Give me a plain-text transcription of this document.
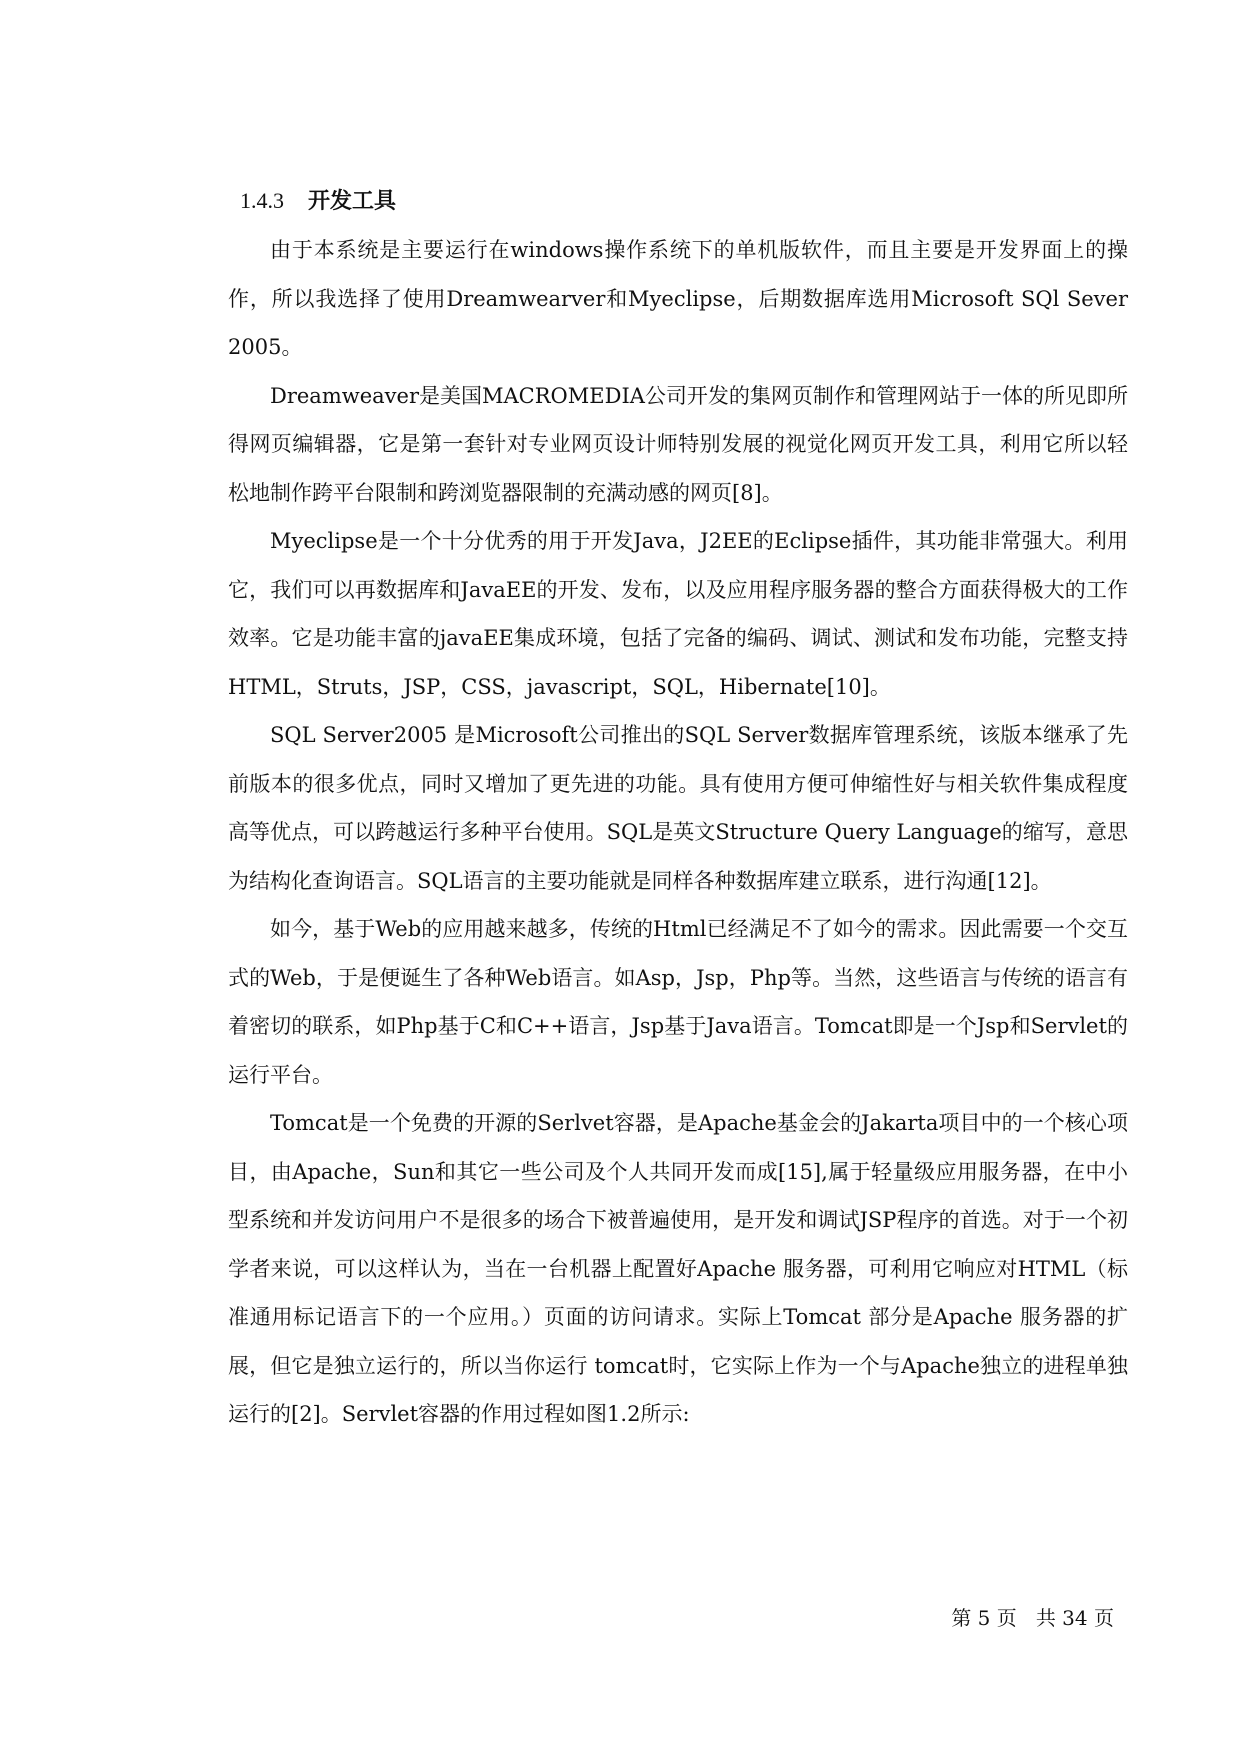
1.4.3 开发工具

由于本系统是主要运行在windows操作系统下的单机版软件，而且主要是开发界面上的操作，所以我选择了使用Dreamwearver和Myeclipse，后期数据库选用Microsoft SQl Sever 2005。

Dreamweaver是美国MACROMEDIA公司开发的集网页制作和管理网站于一体的所见即所得网页编辑器，它是第一套针对专业网页设计师特别发展的视觉化网页开发工具，利用它所以轻松地制作跨平台限制和跨浏览器限制的充满动感的网页[8]。

Myeclipse是一个十分优秀的用于开发Java，J2EE的Eclipse插件，其功能非常强大。利用它，我们可以再数据库和JavaEE的开发、发布，以及应用程序服务器的整合方面获得极大的工作效率。它是功能丰富的javaEE集成环境，包括了完备的编码、调试、测试和发布功能，完整支持HTML，Struts，JSP，CSS，javascript，SQL，Hibernate[10]。

SQL Server2005 是Microsoft公司推出的SQL Server数据库管理系统，该版本继承了先前版本的很多优点，同时又增加了更先进的功能。具有使用方便可伸缩性好与相关软件集成程度高等优点，可以跨越运行多种平台使用。SQL是英文Structure Query Language的缩写，意思为结构化查询语言。SQL语言的主要功能就是同样各种数据库建立联系，进行沟通[12]。

如今，基于Web的应用越来越多，传统的Html已经满足不了如今的需求。因此需要一个交互式的Web，于是便诞生了各种Web语言。如Asp，Jsp，Php等。当然，这些语言与传统的语言有着密切的联系，如Php基于C和C++语言，Jsp基于Java语言。Tomcat即是一个Jsp和Servlet的运行平台。

Tomcat是一个免费的开源的Serlvet容器，是Apache基金会的Jakarta项目中的一个核心项目，由Apache，Sun和其它一些公司及个人共同开发而成[15],属于轻量级应用服务器，在中小型系统和并发访问用户不是很多的场合下被普遍使用，是开发和调试JSP程序的首选。对于一个初学者来说，可以这样认为，当在一台机器上配置好Apache 服务器，可利用它响应对HTML（标准通用标记语言下的一个应用。）页面的访问请求。实际上Tomcat 部分是Apache 服务器的扩展，但它是独立运行的，所以当你运行 tomcat时，它实际上作为一个与Apache独立的进程单独运行的[2]。Servlet容器的作用过程如图1.2所示:

第 5 页   共 34 页
